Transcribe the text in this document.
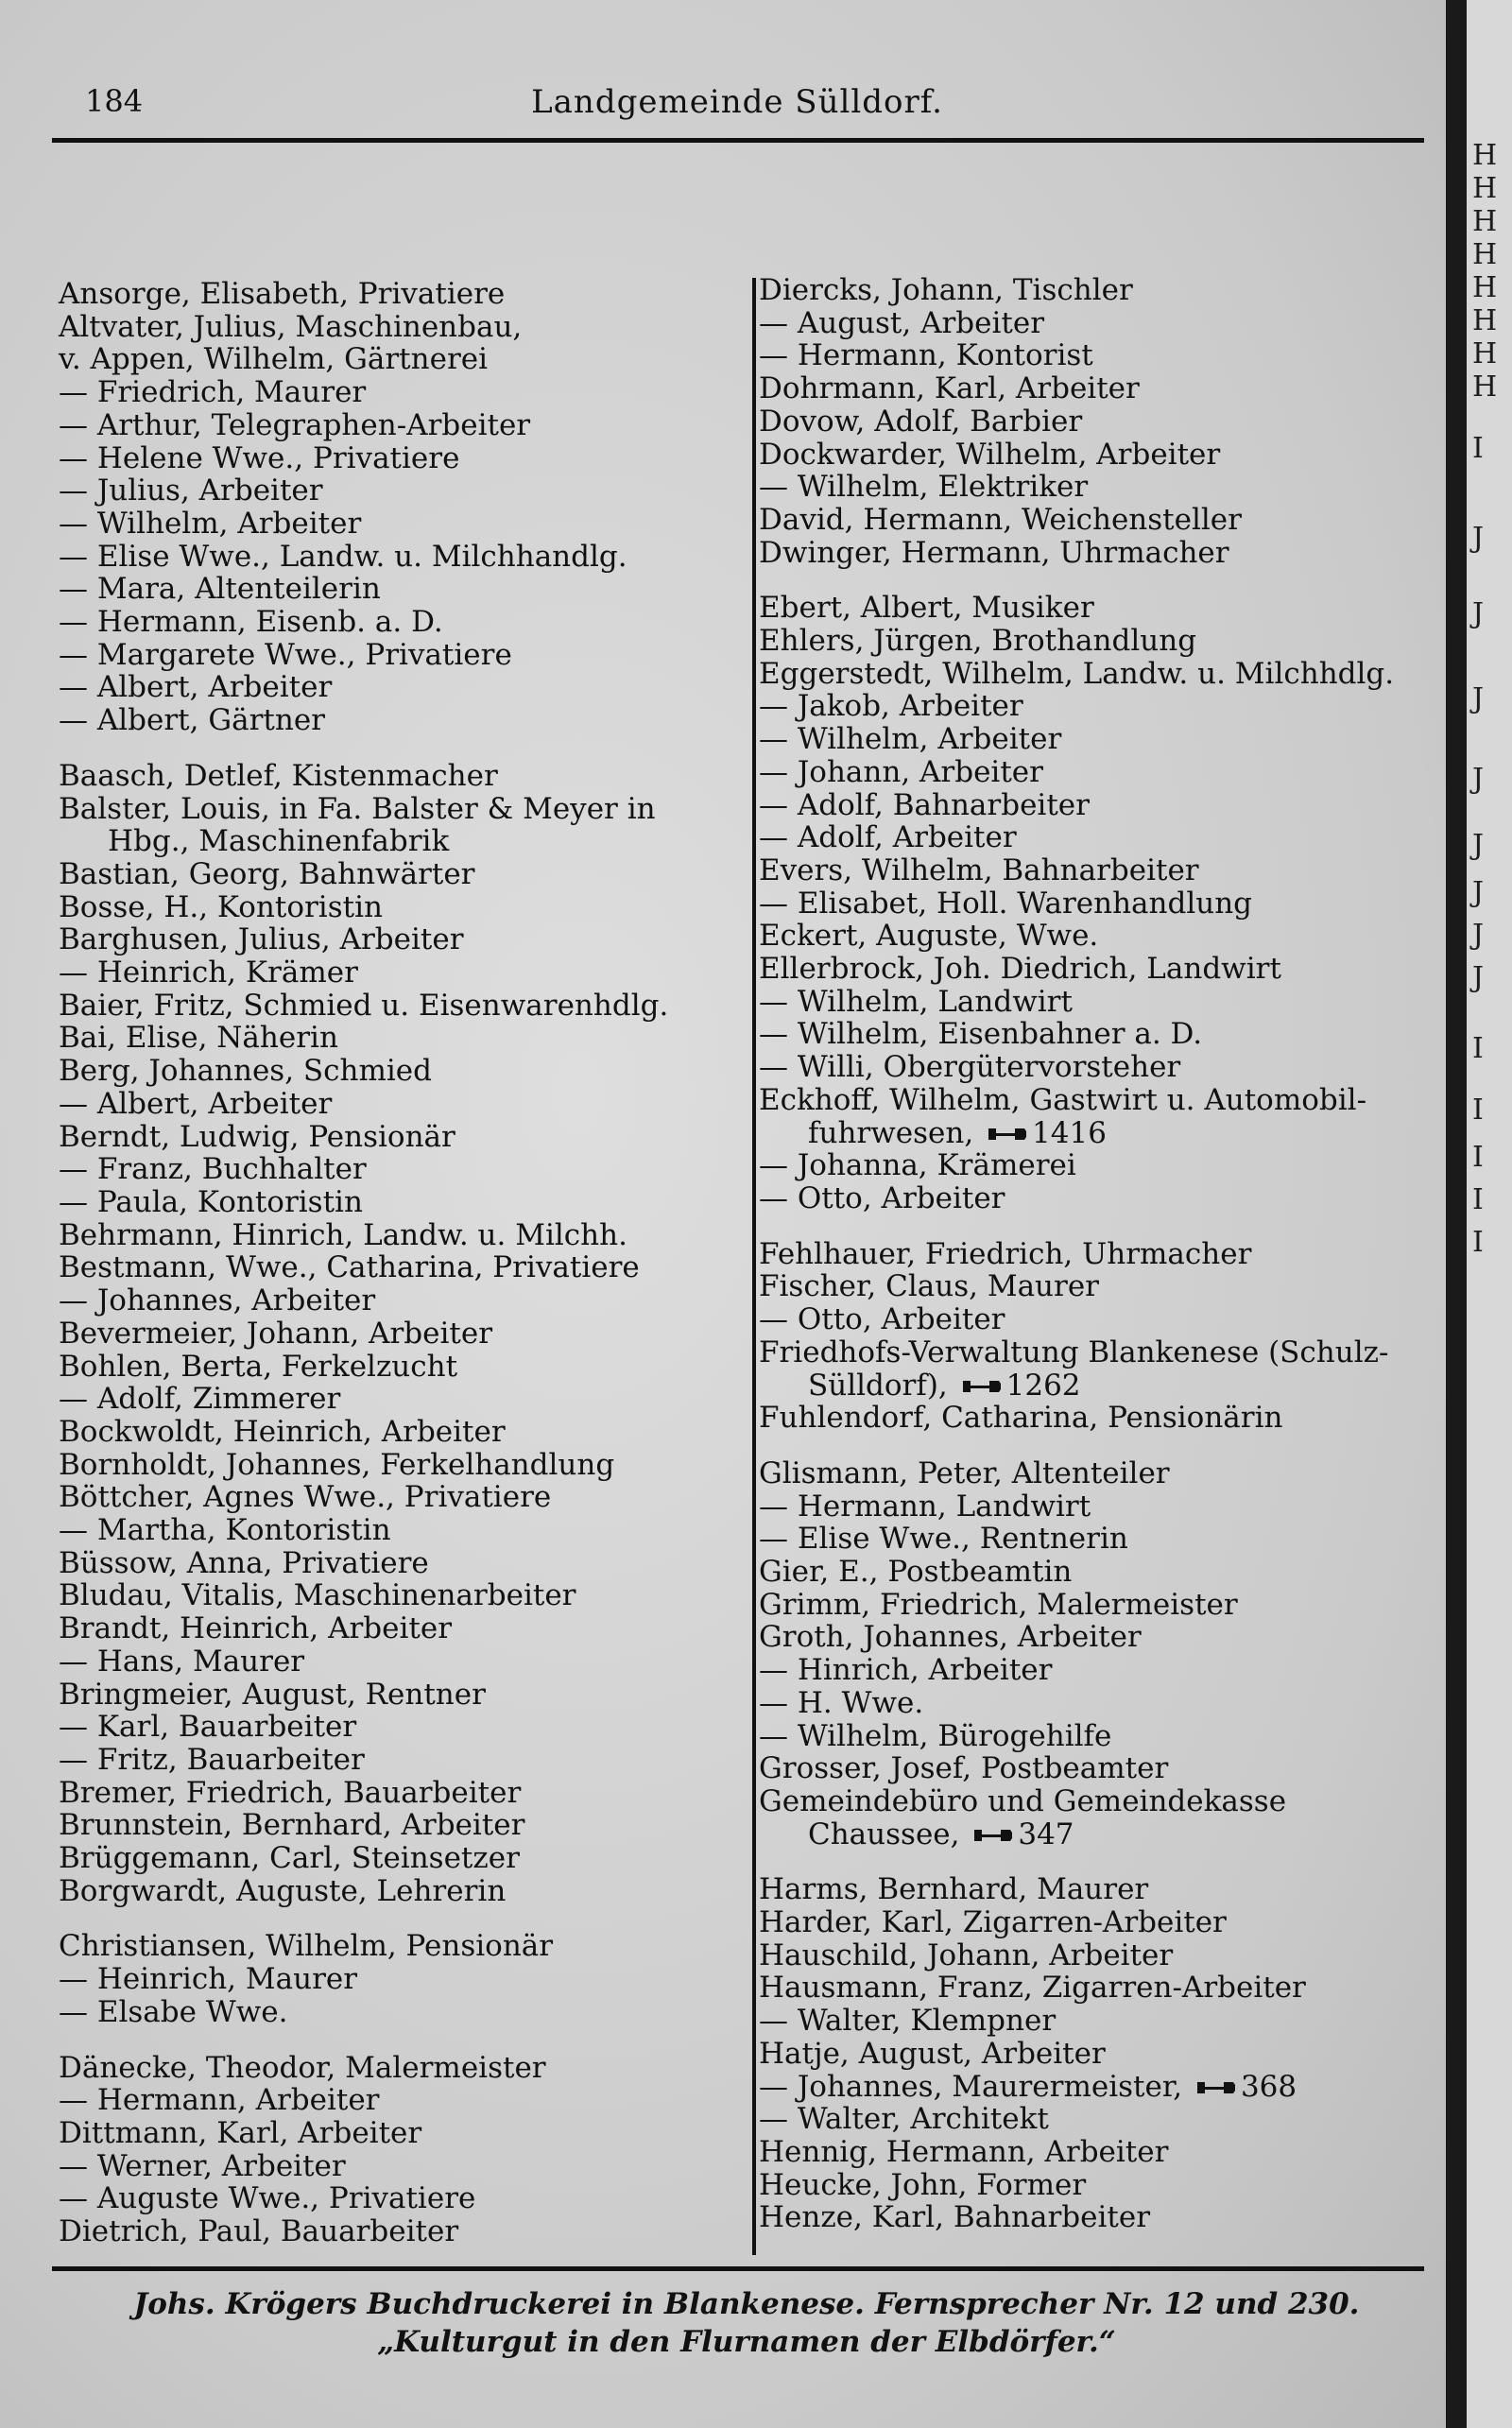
184	Landgemeinde Sülldorf.
Ansorge, Elisabeth, Privatiere
Altvater, Julius, Maschinenbau,
v. Appen, Wilhelm, Gärtnerei
— Friedrich, Maurer
— Arthur, Telegraphen-Arbeiter
— Helene Wwe., Privatiere
— Julius, Arbeiter
— Wilhelm, Arbeiter
— Elise Wwe., Landw. u. Milchhandlg.
— Mara, Altenteilerin
— Hermann, Eisenb. a. D.
— Margarete Wwe., Privatiere
— Albert, Arbeiter
— Albert, Gärtner
Baasch, Detlef, Kistenmacher
Balster, Louis, in Fa. Balster & Meyer in
Hbg., Maschinenfabrik
Bastian, Georg, Bahnwärter
Bosse, H., Kontoristin
Barghusen, Julius, Arbeiter
— Heinrich, Krämer
Baier, Fritz, Schmied u. Eisenwarenhdlg.
Bai, Elise, Näherin
Berg, Johannes, Schmied
— Albert, Arbeiter
Berndt, Ludwig, Pensionär
— Franz, Buchhalter
— Paula, Kontoristin
Behrmann, Hinrich, Landw. u. Milchh.
Bestmann, Wwe., Catharina, Privatiere
— Johannes, Arbeiter
Bevermeier, Johann, Arbeiter
Bohlen, Berta, Ferkelzucht
— Adolf, Zimmerer
Bockwoldt, Heinrich, Arbeiter
Bornholdt, Johannes, Ferkelhandlung
Böttcher, Agnes Wwe., Privatiere
— Martha, Kontoristin
Büssow, Anna, Privatiere
Bludau, Vitalis, Maschinenarbeiter
Brandt, Heinrich, Arbeiter
— Hans, Maurer
Bringmeier, August, Rentner
— Karl, Bauarbeiter
— Fritz, Bauarbeiter
Bremer, Friedrich, Bauarbeiter
Brunnstein, Bernhard, Arbeiter
Brüggemann, Carl, Steinsetzer
Borgwardt, Auguste, Lehrerin
Christiansen, Wilhelm, Pensionär
— Heinrich, Maurer
— Elsabe Wwe.
Dänecke, Theodor, Malermeister
— Hermann, Arbeiter
Dittmann, Karl, Arbeiter
— Werner, Arbeiter
— Auguste Wwe., Privatiere
Dietrich, Paul, Bauarbeiter
Diercks, Johann, Tischler
— August, Arbeiter
— Hermann, Kontorist
Dohrmann, Karl, Arbeiter
Dovow, Adolf, Barbier
Dockwarder, Wilhelm, Arbeiter
— Wilhelm, Elektriker
David, Hermann, Weichensteller
Dwinger, Hermann, Uhrmacher
Ebert, Albert, Musiker
Ehlers, Jürgen, Brothandlung
Eggerstedt, Wilhelm, Landw. u. Milchhdlg.
— Jakob, Arbeiter
— Wilhelm, Arbeiter
— Johann, Arbeiter
— Adolf, Bahnarbeiter
— Adolf, Arbeiter
Evers, Wilhelm, Bahnarbeiter
— Elisabet, Holl. Warenhandlung
Eckert, Auguste, Wwe.
Ellerbrock, Joh. Diedrich, Landwirt
— Wilhelm, Landwirt
— Wilhelm, Eisenbahner a. D.
— Willi, Obergütervorsteher
Eckhoff, Wilhelm, Gastwirt u. Automobil-
fuhrwesen, 1416
— Johanna, Krämerei
— Otto, Arbeiter
Fehlhauer, Friedrich, Uhrmacher
Fischer, Claus, Maurer
— Otto, Arbeiter
Friedhofs-Verwaltung Blankenese (Schulz-
Sülldorf), 1262
Fuhlendorf, Catharina, Pensionärin
Glismann, Peter, Altenteiler
— Hermann, Landwirt
— Elise Wwe., Rentnerin
Gier, E., Postbeamtin
Grimm, Friedrich, Malermeister
Groth, Johannes, Arbeiter
— Hinrich, Arbeiter
— H. Wwe.
— Wilhelm, Bürogehilfe
Grosser, Josef, Postbeamter
Gemeindebüro und Gemeindekasse
Chaussee, 347
Harms, Bernhard, Maurer
Harder, Karl, Zigarren-Arbeiter
Hauschild, Johann, Arbeiter
Hausmann, Franz, Zigarren-Arbeiter
— Walter, Klempner
Hatje, August, Arbeiter
— Johannes, Maurermeister, 368
— Walter, Architekt
Hennig, Hermann, Arbeiter
Heucke, John, Former
Henze, Karl, Bahnarbeiter
Johs. Krögers Buchdruckerei in Blankenese. Fernsprecher Nr. 12 und 230.
„Kulturgut in den Flurnamen der Elbdörfer.“
H
H
H
H
H
H
H
H
I
J
J
J
J
J
J
J
J
I
I
I
I
I
